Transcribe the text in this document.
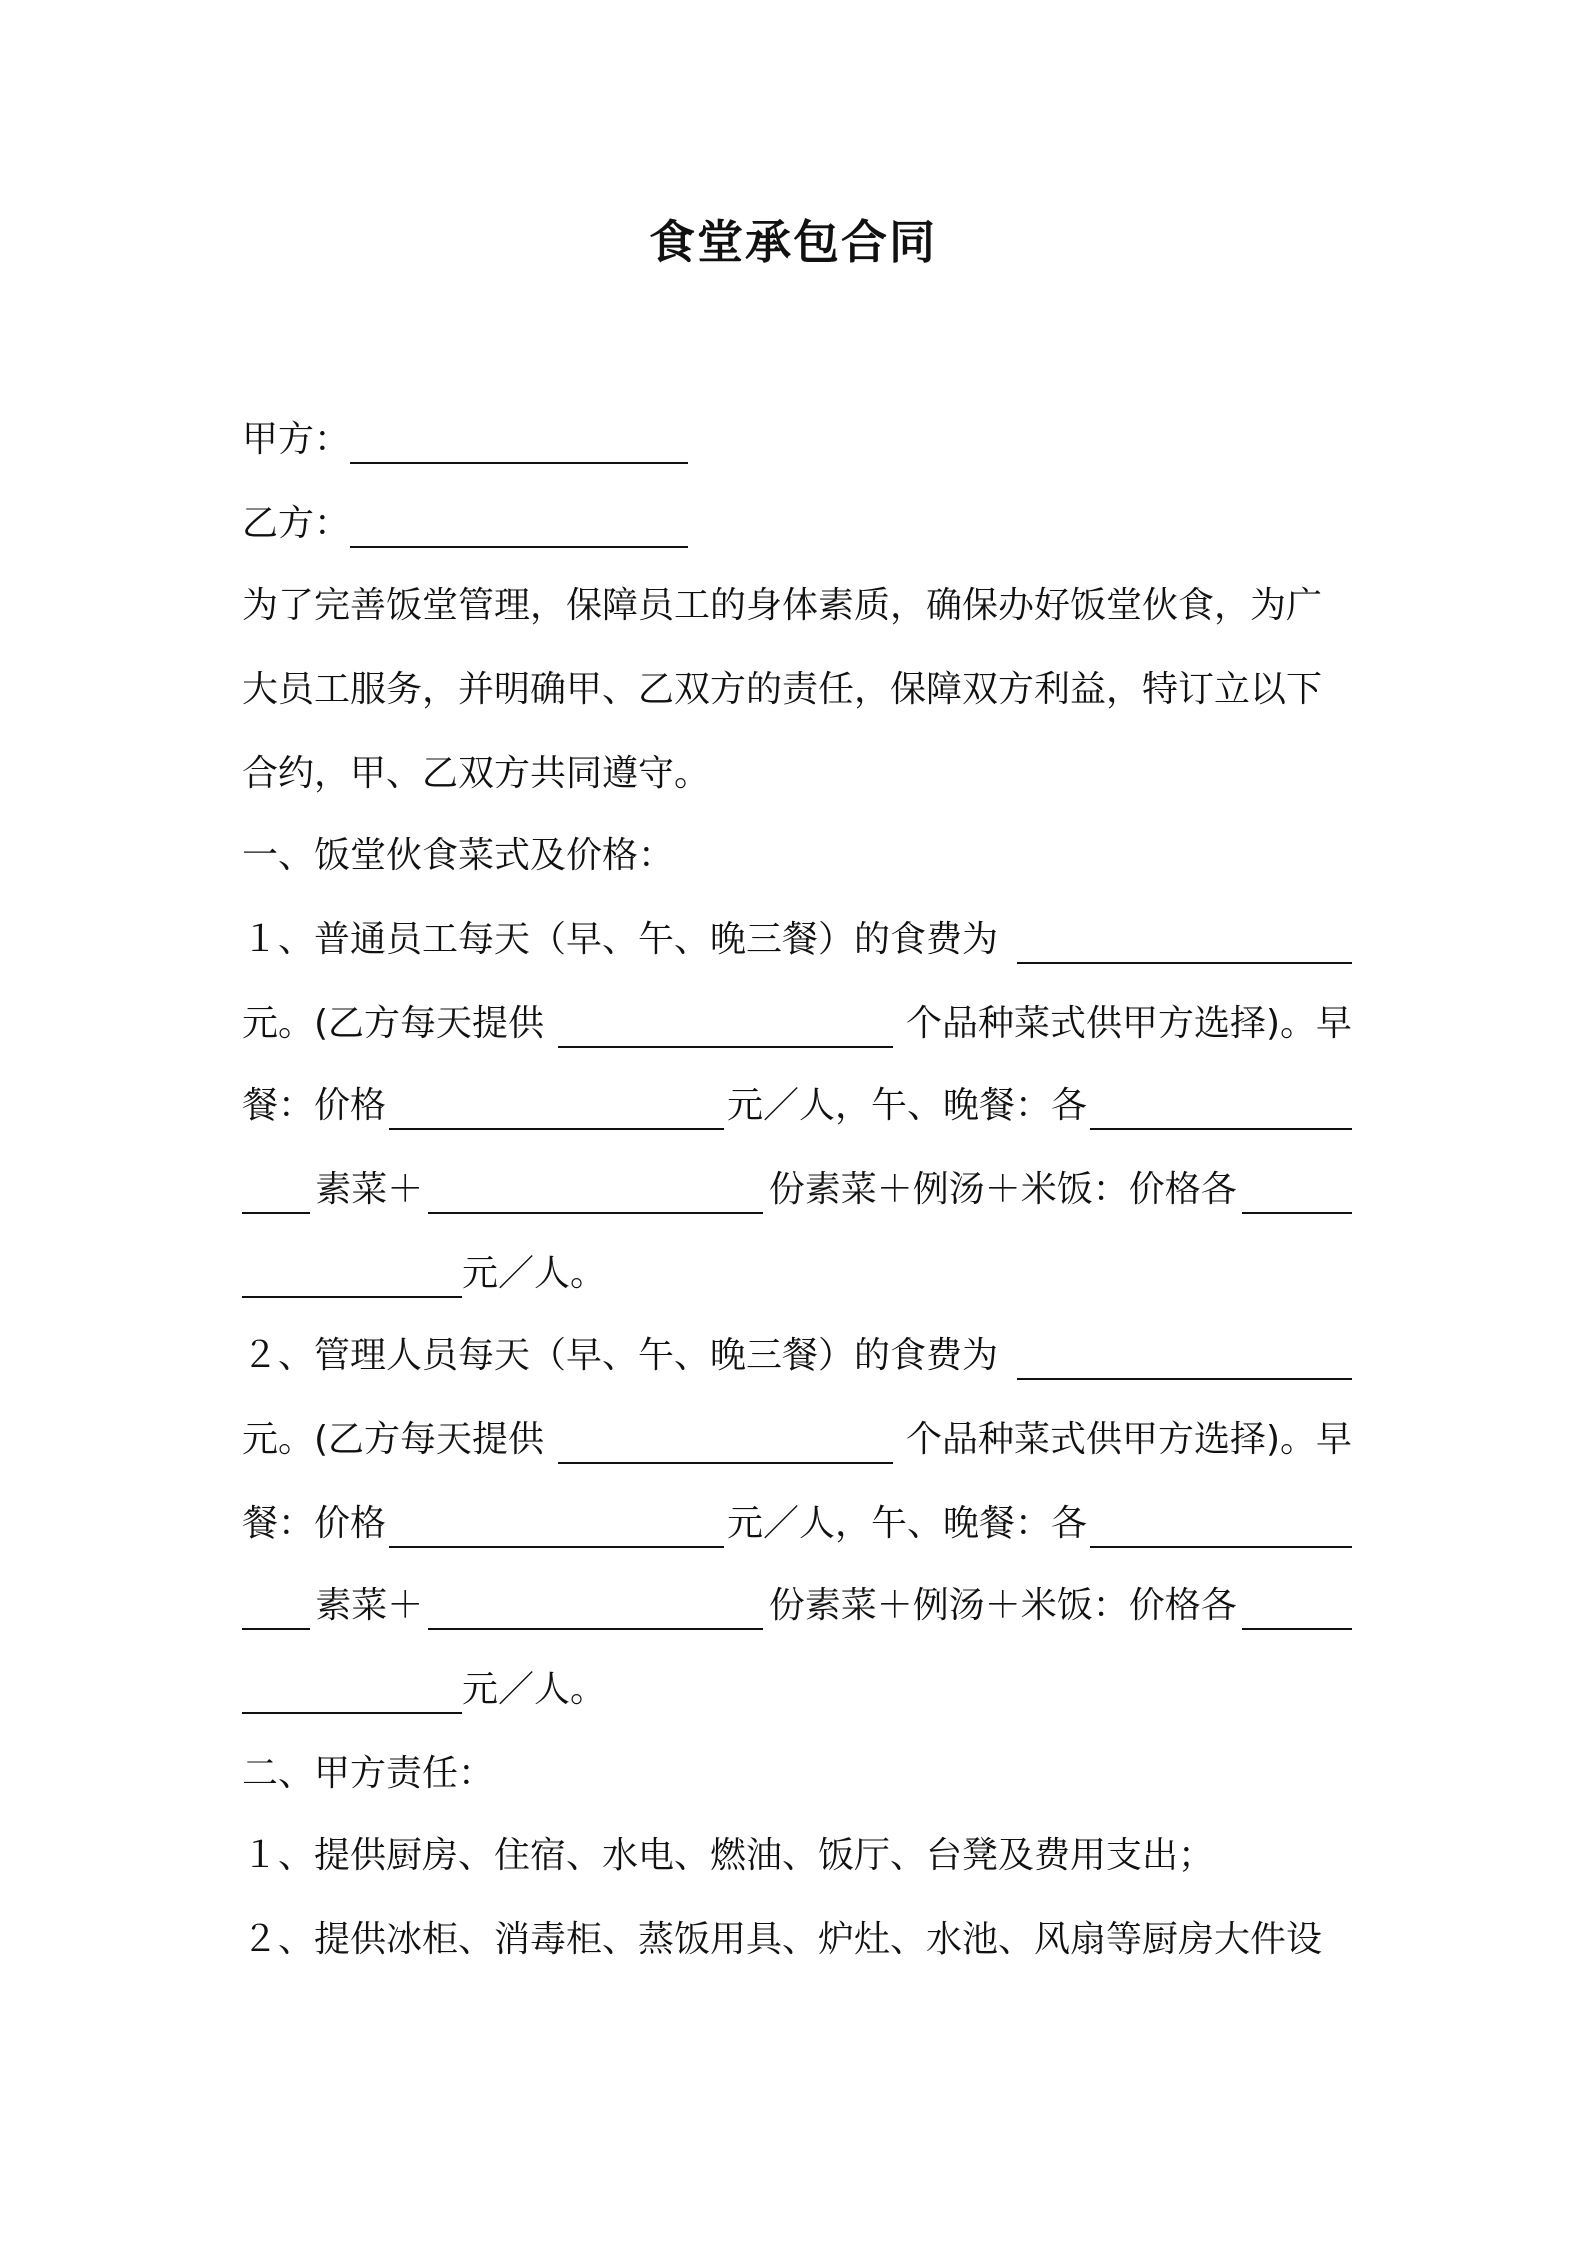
食堂承包合同
甲方：
乙方：
为了完善饭堂管理，保障员工的身体素质，确保办好饭堂伙食，为广
大员工服务，并明确甲、乙双方的责任，保障双方利益，特订立以下
合约，甲、乙双方共同遵守。
一、饭堂伙食菜式及价格：
１、普通员工每天（早、午、晚三餐）的食费为
元。(乙方每天提供	个品种菜式供甲方选择)。早
餐：价格	元／人，午、晚餐：各
素菜＋	份素菜＋例汤＋米饭：价格各
元／人。
２、管理人员每天（早、午、晚三餐）的食费为
元。(乙方每天提供	个品种菜式供甲方选择)。早
餐：价格	元／人，午、晚餐：各
素菜＋	份素菜＋例汤＋米饭：价格各
元／人。
二、甲方责任：
１、提供厨房、住宿、水电、燃油、饭厅、台凳及费用支出；
２、提供冰柜、消毒柜、蒸饭用具、炉灶、水池、风扇等厨房大件设
